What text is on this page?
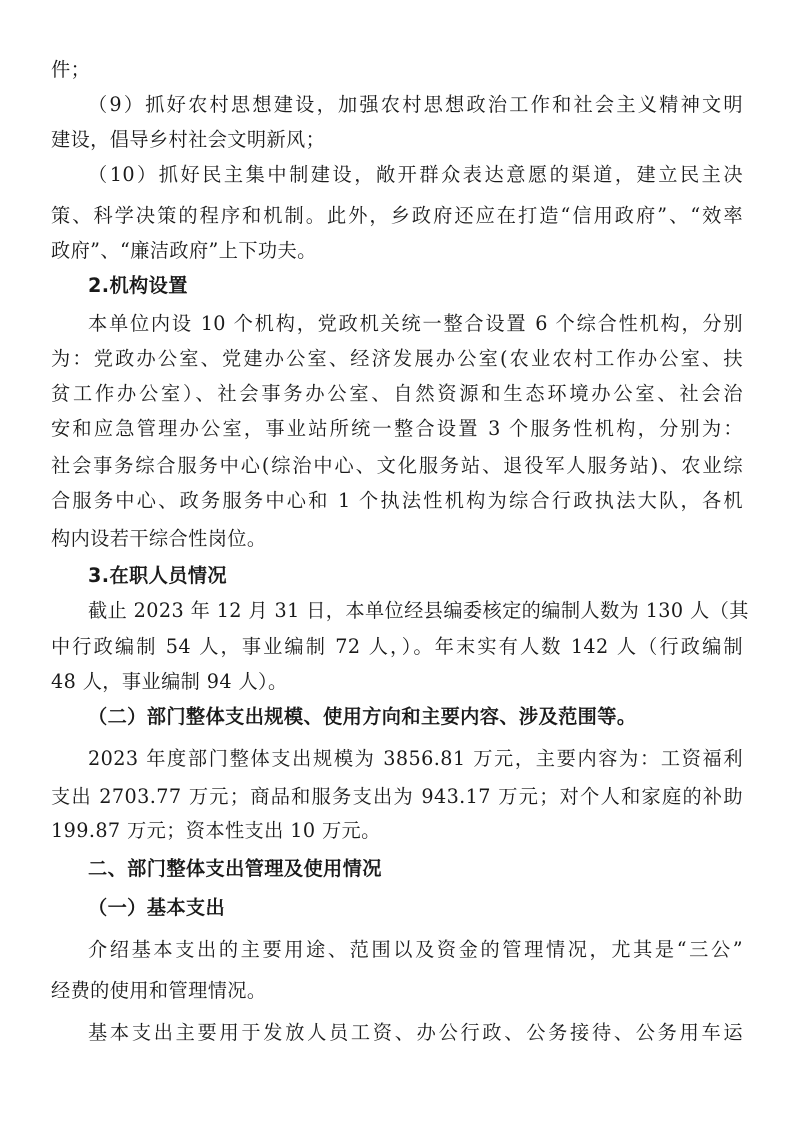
件；
（9）抓好农村思想建设，加强农村思想政治工作和社会主义精神文明
建设，倡导乡村社会文明新风；
（10）抓好民主集中制建设，敞开群众表达意愿的渠道，建立民主决
策、科学决策的程序和机制。此外，乡政府还应在打造“信用政府”、“效率
政府”、“廉洁政府”上下功夫。
2.机构设置
本单位内设 10 个机构，党政机关统一整合设置 6 个综合性机构，分别
为：党政办公室、党建办公室、经济发展办公室(农业农村工作办公室、扶
贫工作办公室）、社会事务办公室、自然资源和生态环境办公室、社会治
安和应急管理办公室，事业站所统一整合设置 3 个服务性机构，分别为：
社会事务综合服务中心(综治中心、文化服务站、退役军人服务站)、农业综
合服务中心、政务服务中心和 1 个执法性机构为综合行政执法大队，各机
构内设若干综合性岗位。
3.在职人员情况
截止 2023 年 12 月 31 日，本单位经县编委核定的编制人数为 130 人（其
中行政编制 54 人，事业编制 72 人，）。年末实有人数 142 人（行政编制
48 人，事业编制 94 人）。
（二）部门整体支出规模、使用方向和主要内容、涉及范围等。
2023 年度部门整体支出规模为 3856.81 万元，主要内容为：工资福利
支出 2703.77 万元；商品和服务支出为 943.17 万元；对个人和家庭的补助
199.87 万元；资本性支出 10 万元。
二、部门整体支出管理及使用情况
（一）基本支出
介绍基本支出的主要用途、范围以及资金的管理情况，尤其是“三公”
经费的使用和管理情况。
基本支出主要用于发放人员工资、办公行政、公务接待、公务用车运
